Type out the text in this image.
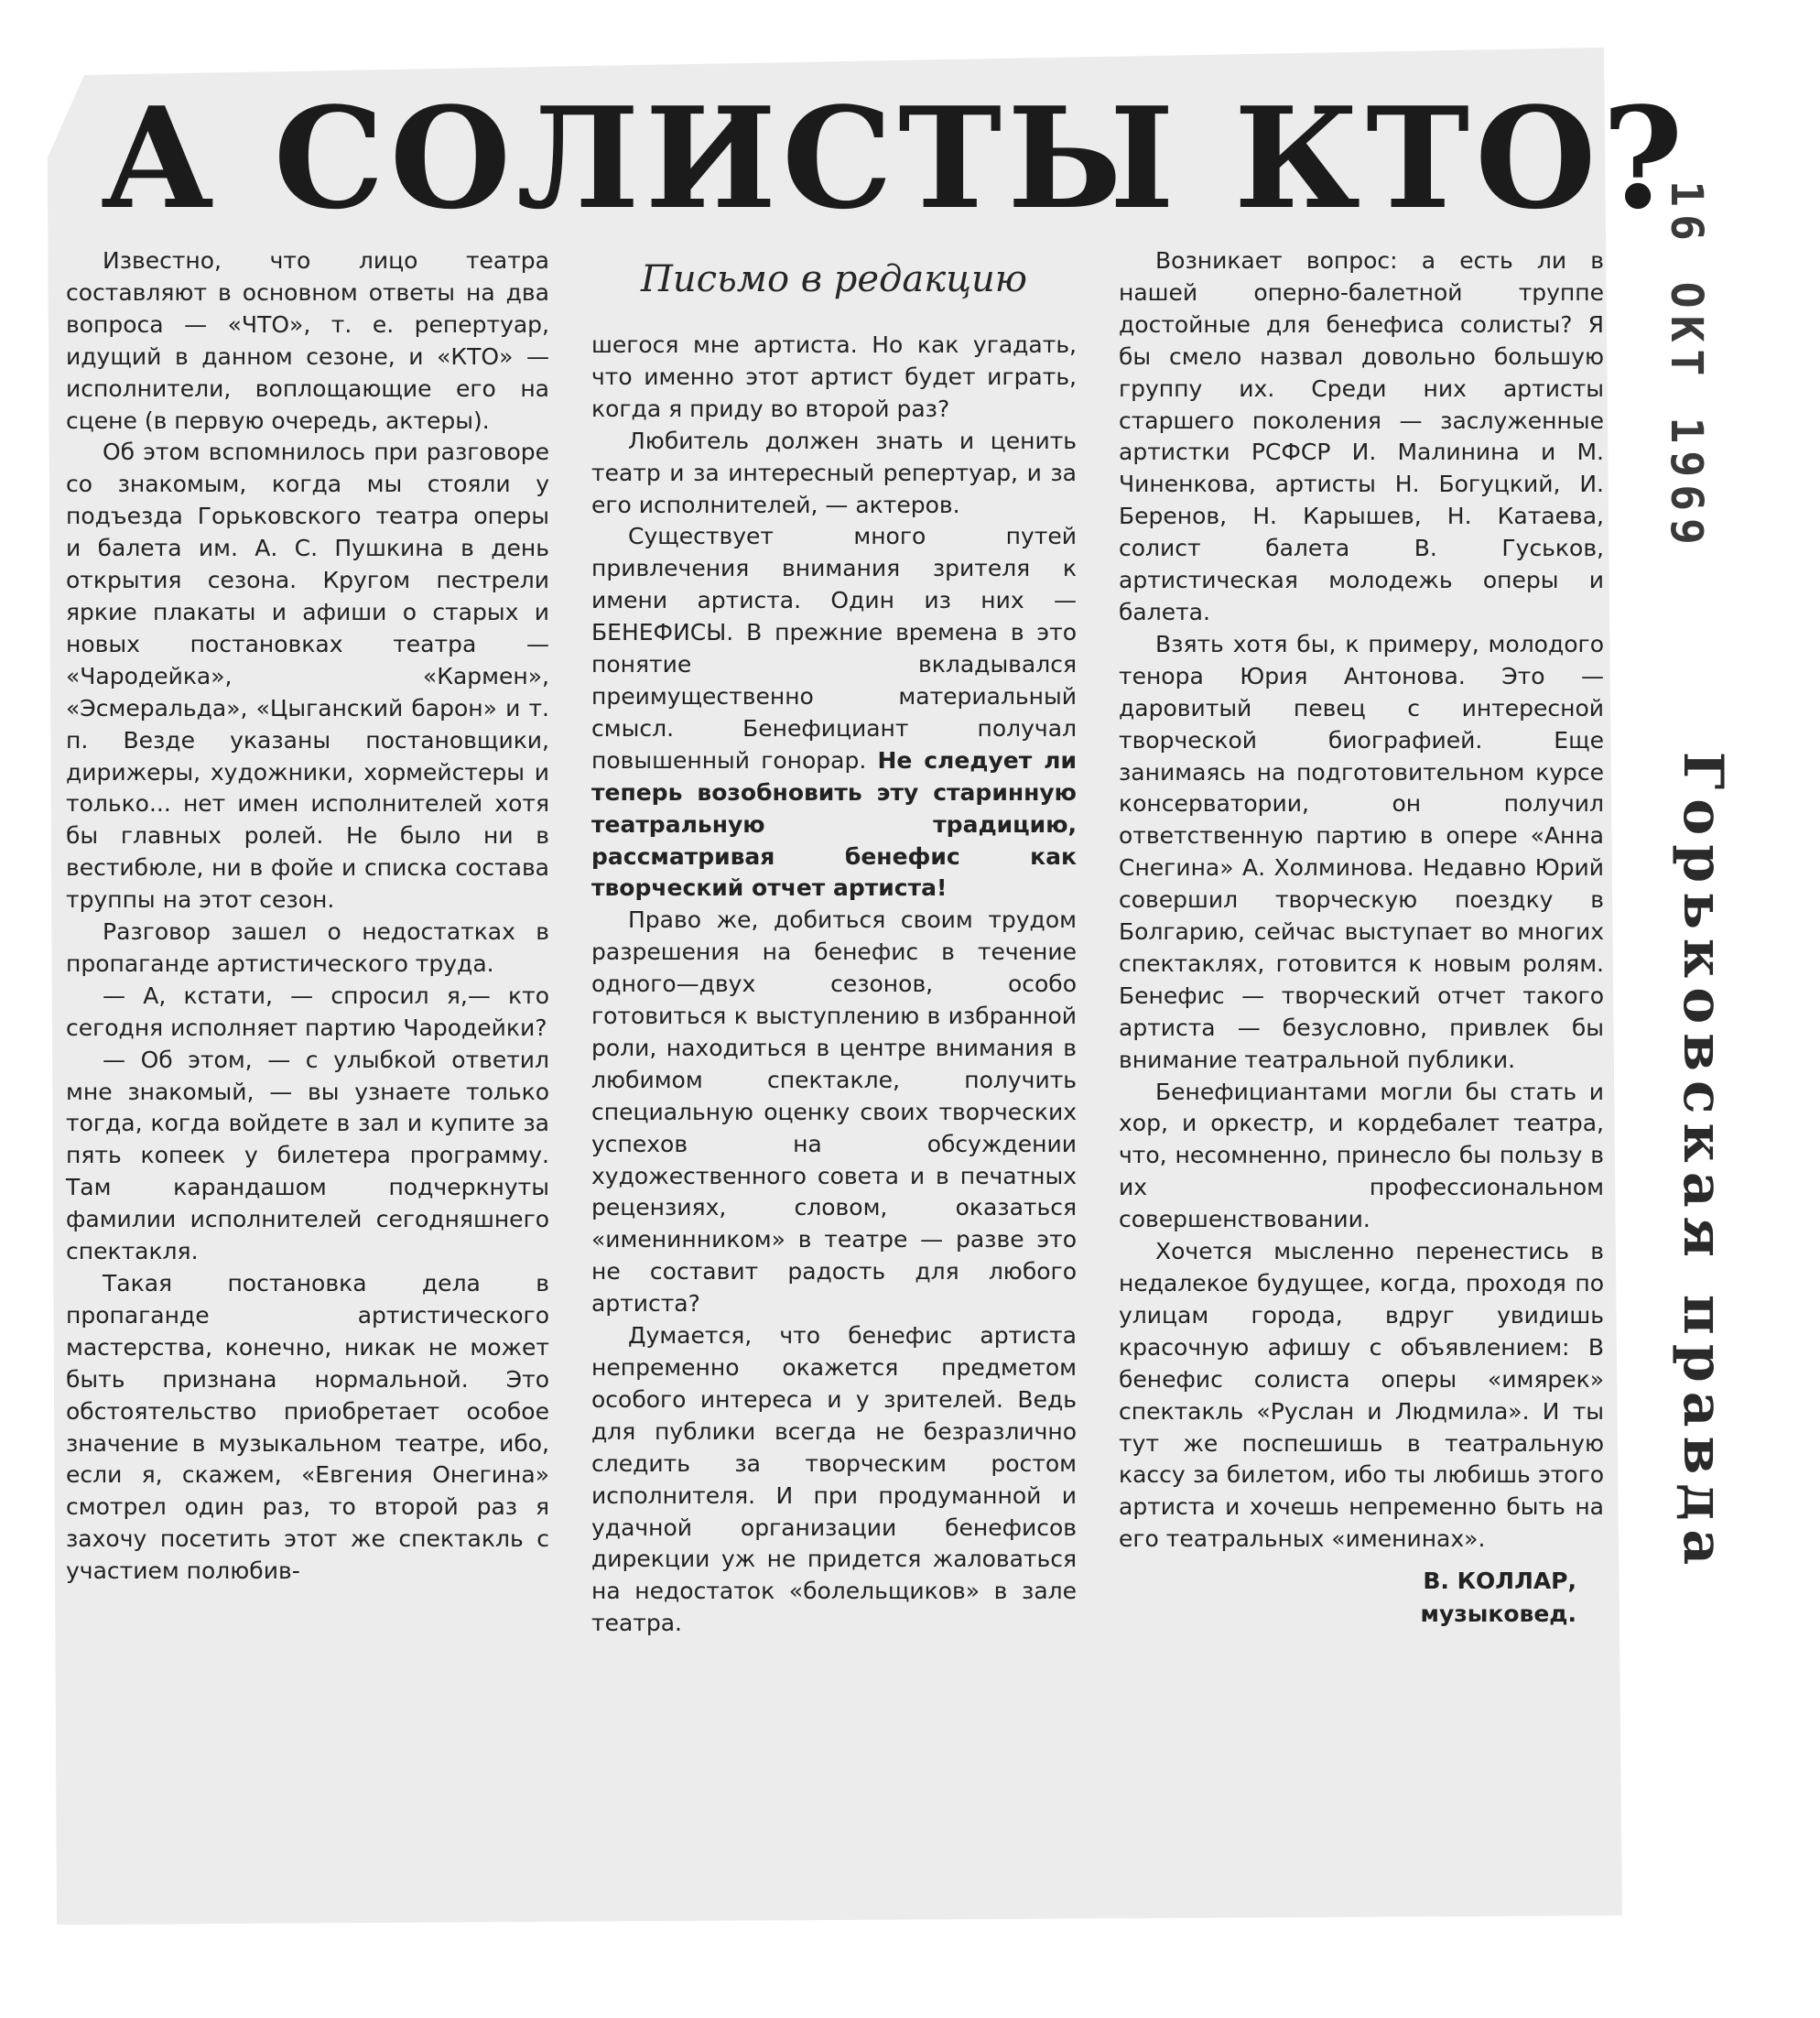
А СОЛИСТЫ КТО?

Известно, что лицо театра составляют в основном ответы на два вопроса — «ЧТО», т. е. репертуар, идущий в данном сезоне, и «КТО» — исполнители, воплощающие его на сцене (в первую очередь, актеры).

Об этом вспомнилось при разговоре со знакомым, когда мы стояли у подъезда Горьковского театра оперы и балета им. А. С. Пушкина в день открытия сезона. Кругом пестрели яркие плакаты и афиши о старых и новых постановках театра — «Чародейка», «Кармен», «Эсмеральда», «Цыганский барон» и т. п. Везде указаны постановщики, дирижеры, художники, хормейстеры и только... нет имен исполнителей хотя бы главных ролей. Не было ни в вестибюле, ни в фойе и списка состава труппы на этот сезон.

Разговор зашел о недостатках в пропаганде артистического труда.

— А, кстати, — спросил я,— кто сегодня исполняет партию Чародейки?

— Об этом, — с улыбкой ответил мне знакомый, — вы узнаете только тогда, когда войдете в зал и купите за пять копеек у билетера программу. Там карандашом подчеркнуты фамилии исполнителей сегодняшнего спектакля.

Такая постановка дела в пропаганде артистического мастерства, конечно, никак не может быть признана нормальной. Это обстоятельство приобретает особое значение в музыкальном театре, ибо, если я, скажем, «Евгения Онегина» смотрел один раз, то второй раз я захочу посетить этот же спектакль с участием полюбив-

Письмо в редакцию

шегося мне артиста. Но как угадать, что именно этот артист будет играть, когда я приду во второй раз?

Любитель должен знать и ценить театр и за интересный репертуар, и за его исполнителей, — актеров.

Существует много путей привлечения внимания зрителя к имени артиста. Один из них — БЕНЕФИСЫ. В прежние времена в это понятие вкладывался преимущественно материальный смысл. Бенефициант получал повышенный гонорар. Не следует ли теперь возобновить эту старинную театральную традицию, рассматривая бенефис как творческий отчет артиста!

Право же, добиться своим трудом разрешения на бенефис в течение одного—двух сезонов, особо готовиться к выступлению в избранной роли, находиться в центре внимания в любимом спектакле, получить специальную оценку своих творческих успехов на обсуждении художественного совета и в печатных рецензиях, словом, оказаться «именинником» в театре — разве это не составит радость для любого артиста?

Думается, что бенефис артиста непременно окажется предметом особого интереса и у зрителей. Ведь для публики всегда не безразлично следить за творческим ростом исполнителя. И при продуманной и удачной организации бенефисов дирекции уж не придется жаловаться на недостаток «болельщиков» в зале театра.

Возникает вопрос: а есть ли в нашей оперно-балетной труппе достойные для бенефиса солисты? Я бы смело назвал довольно большую группу их. Среди них артисты старшего поколения — заслуженные артистки РСФСР И. Малинина и М. Чиненкова, артисты Н. Богуцкий, И. Беренов, Н. Карышев, Н. Катаева, солист балета В. Гуськов, артистическая молодежь оперы и балета.

Взять хотя бы, к примеру, молодого тенора Юрия Антонова. Это — даровитый певец с интересной творческой биографией. Еще занимаясь на подготовительном курсе консерватории, он получил ответственную партию в опере «Анна Снегина» А. Холминова. Недавно Юрий совершил творческую поездку в Болгарию, сейчас выступает во многих спектаклях, готовится к новым ролям. Бенефис — творческий отчет такого артиста — безусловно, привлек бы внимание театральной публики.

Бенефициантами могли бы стать и хор, и оркестр, и кордебалет театра, что, несомненно, принесло бы пользу в их профессиональном совершенствовании.

Хочется мысленно перенестись в недалекое будущее, когда, проходя по улицам города, вдруг увидишь красочную афишу с объявлением: В бенефис солиста оперы «имярек» спектакль «Руслан и Людмила». И ты тут же поспешишь в театральную кассу за билетом, ибо ты любишь этого артиста и хочешь непременно быть на его театральных «именинах».

В. КОЛЛАР,
музыковед.
16 ОКТ 1969
Горьковская правда
